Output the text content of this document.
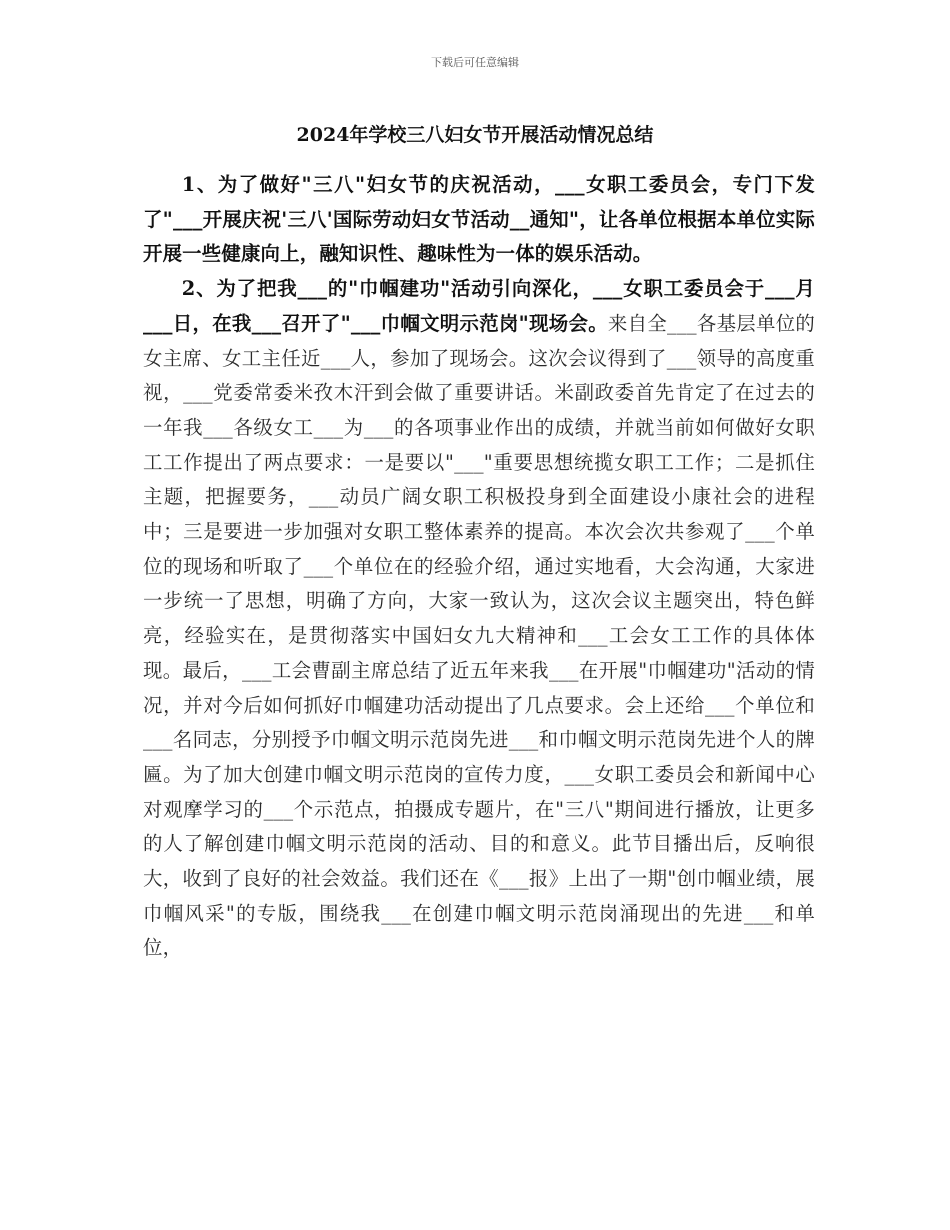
下载后可任意编辑
2024年学校三八妇女节开展活动情况总结

1、为了做好"三八"妇女节的庆祝活动，___女职工委员会，专门下发了"___开展庆祝'三八'国际劳动妇女节活动__通知"，让各单位根据本单位实际开展一些健康向上，融知识性、趣味性为一体的娱乐活动。

2、为了把我___的"巾帼建功"活动引向深化，___女职工委员会于___月___日，在我___召开了"___巾帼文明示范岗"现场会。来自全___各基层单位的女主席、女工主任近___人，参加了现场会。这次会议得到了___领导的高度重视，___党委常委米孜木汗到会做了重要讲话。米副政委首先肯定了在过去的一年我___各级女工___为___的各项事业作出的成绩，并就当前如何做好女职工工作提出了两点要求：一是要以"___"重要思想统揽女职工工作；二是抓住主题，把握要务，___动员广阔女职工积极投身到全面建设小康社会的进程中；三是要进一步加强对女职工整体素养的提高。本次会次共参观了___个单位的现场和听取了___个单位在的经验介绍，通过实地看，大会沟通，大家进一步统一了思想，明确了方向，大家一致认为，这次会议主题突出，特色鲜亮，经验实在，是贯彻落实中国妇女九大精神和___工会女工工作的具体体现。最后，___工会曹副主席总结了近五年来我___在开展"巾帼建功"活动的情况，并对今后如何抓好巾帼建功活动提出了几点要求。会上还给___个单位和___名同志，分别授予巾帼文明示范岗先进___和巾帼文明示范岗先进个人的牌匾。为了加大创建巾帼文明示范岗的宣传力度，___女职工委员会和新闻中心对观摩学习的___个示范点，拍摄成专题片，在"三八"期间进行播放，让更多的人了解创建巾帼文明示范岗的活动、目的和意义。此节目播出后，反响很大，收到了良好的社会效益。我们还在《___报》上出了一期"创巾帼业绩，展巾帼风采"的专版，围绕我___在创建巾帼文明示范岗涌现出的先进___和单位，
